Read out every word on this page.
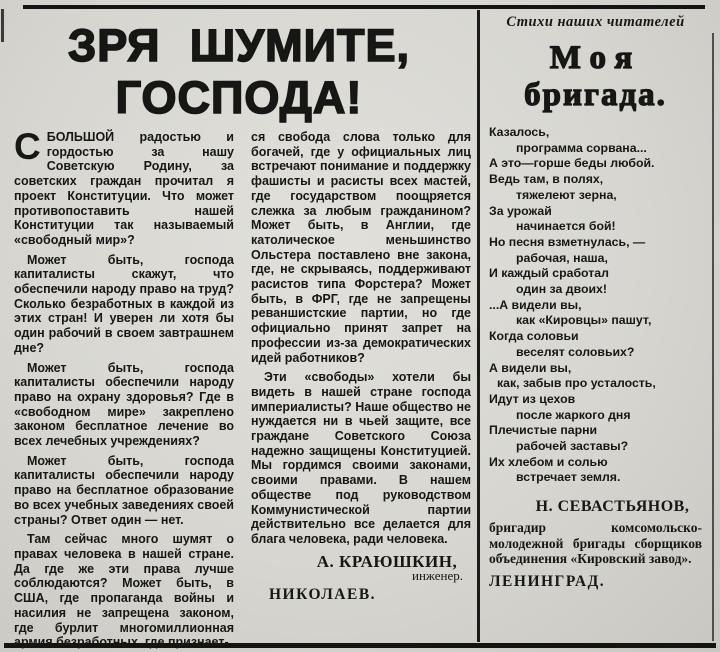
ЗРЯ ШУМИТЕ,
ГОСПОДА!

СБОЛЬШОЙ радостью и гордостью за нашу Советскую Родину, за советских граждан прочитал я проект Конституции. Что может противопоставить нашей Конституции так называемый «свободный мир»?

Может быть, господа капиталисты скажут, что обеспечили народу право на труд? Сколько безработных в каждой из этих стран! И уверен ли хотя бы один рабочий в своем завтрашнем дне?

Может быть, господа капиталисты обеспечили народу право на охрану здоровья? Где в «свободном мире» закреплено законом бесплатное лечение во всех лечебных учреждениях?

Может быть, господа капиталисты обеспечили народу право на бесплатное образование во всех учебных заведениях своей страны? Ответ один — нет.

Там сейчас много шумят о правах человека в нашей стране. Да где же эти права лучше соблюдаются? Может быть, в США, где пропаганда войны и насилия не запрещена законом, где бурлит многомиллионная армия безработных, где признает-

ся свобода слова только для богачей, где у официальных лиц встречают понимание и поддержку фашисты и расисты всех мастей, где государством поощряется слежка за любым гражданином? Может быть, в Англии, где католическое меньшинство Ольстера поставлено вне закона, где, не скрываясь, поддерживают расистов типа Форстера? Может быть, в ФРГ, где не запрещены реваншистские партии, но где официально принят запрет на профессии из-за демократических идей работников?

Эти «свободы» хотели бы видеть в нашей стране господа империалисты? Наше общество не нуждается ни в чьей защите, все граждане Советского Союза надежно защищены Конституцией. Мы гордимся своими законами, своими правами. В нашем обществе под руководством Коммунистической партии действительно все делается для блага человека, ради человека.

А. КРАЮШКИН,
инженер.
НИКОЛАЕВ.
Стихи наших читателей
Моя
бригада.
Казалось,
программа сорвана...
А это—горше беды любой.
Ведь там, в полях,
тяжелеют зерна,
За урожай
начинается бой!
Но песня взметнулась, —
рабочая, наша,
И каждый сработал
один за двоих!
...А видели вы,
как «Кировцы» пашут,
Когда соловьи
веселят соловьих?
А видели вы,
как, забыв про усталость,
Идут из цехов
после жаркого дня
Плечистые парни
рабочей заставы?
Их хлебом и солью
встречает земля.
Н. СЕВАСТЬЯНОВ,
бригадир комсомольско-молодежной бригады сборщиков объединения «Кировский завод».
ЛЕНИНГРАД.
